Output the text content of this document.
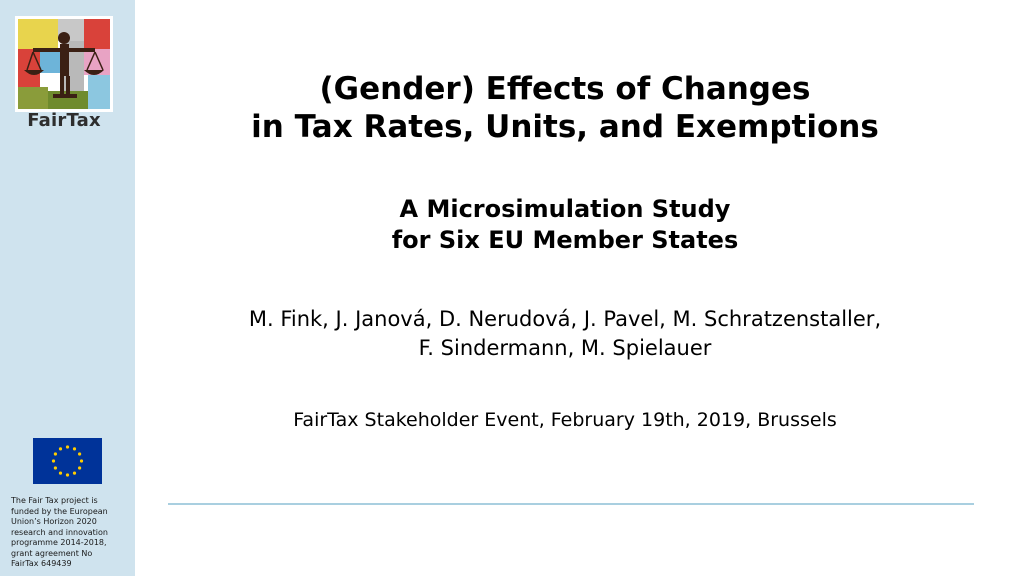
FairTax
The Fair Tax project is
funded by the European
Union’s Horizon 2020
research and innovation
programme 2014-2018,
grant agreement No
FairTax 649439
(Gender) Effects of Changes
in Tax Rates, Units, and Exemptions
A Microsimulation Study
for Six EU Member States
M. Fink, J. Janová, D. Nerudová, J. Pavel, M. Schratzenstaller,
F. Sindermann, M. Spielauer
FairTax Stakeholder Event, February 19th, 2019, Brussels
